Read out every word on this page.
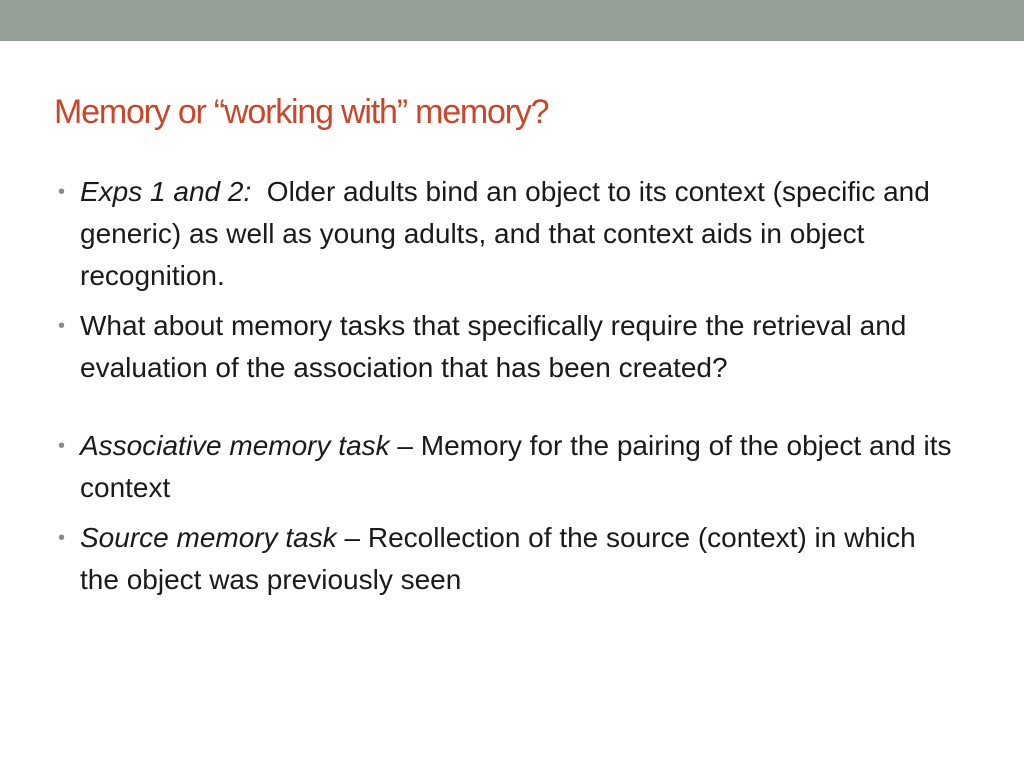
Memory or “working with” memory?
• Exps 1 and 2:  Older adults bind an object to its context (specific and generic) as well as young adults, and that context aids in object recognition.
• What about memory tasks that specifically require the retrieval and evaluation of the association that has been created?
• Associative memory task – Memory for the pairing of the object and its context
• Source memory task – Recollection of the source (context) in which the object was previously seen
